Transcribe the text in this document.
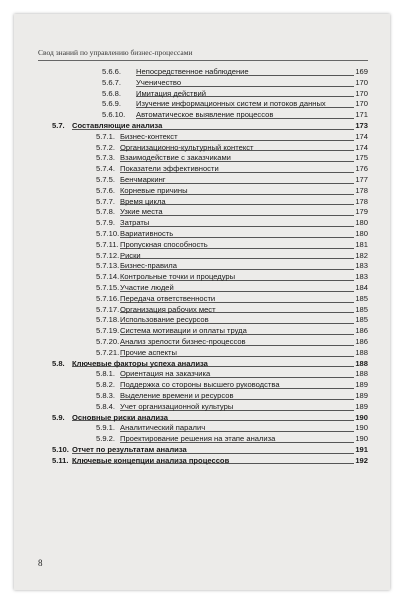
Свод знаний по управлению бизнес-процессами
5.6.6. Непосредственное наблюдение	169
5.6.7. Ученичество	170
5.6.8. Имитация действий	170
5.6.9. Изучение информационных систем и потоков данных	170
5.6.10. Автоматическое выявление процессов	171
5.7. Составляющие анализа	173
5.7.1. Бизнес-контекст	174
5.7.2. Организационно-культурный контекст	174
5.7.3. Взаимодействие с заказчиками	175
5.7.4. Показатели эффективности	176
5.7.5. Бенчмаркинг	177
5.7.6. Корневые причины	178
5.7.7. Время цикла	178
5.7.8. Узкие места	179
5.7.9. Затраты	180
5.7.10. Вариативность	180
5.7.11. Пропускная способность	181
5.7.12. Риски	182
5.7.13. Бизнес-правила	183
5.7.14. Контрольные точки и процедуры	183
5.7.15. Участие людей	184
5.7.16. Передача ответственности	185
5.7.17. Организация рабочих мест	185
5.7.18. Использование ресурсов	185
5.7.19. Система мотивации и оплаты труда	186
5.7.20. Анализ зрелости бизнес-процессов	186
5.7.21. Прочие аспекты	188
5.8. Ключевые факторы успеха анализа	188
5.8.1. Ориентация на заказчика	188
5.8.2. Поддержка со стороны высшего руководства	189
5.8.3. Выделение времени и ресурсов	189
5.8.4. Учет организационной культуры	189
5.9. Основные риски анализа	190
5.9.1. Аналитический паралич	190
5.9.2. Проектирование решения на этапе анализа	190
5.10. Отчет по результатам анализа	191
5.11. Ключевые концепции анализа процессов	192
8
